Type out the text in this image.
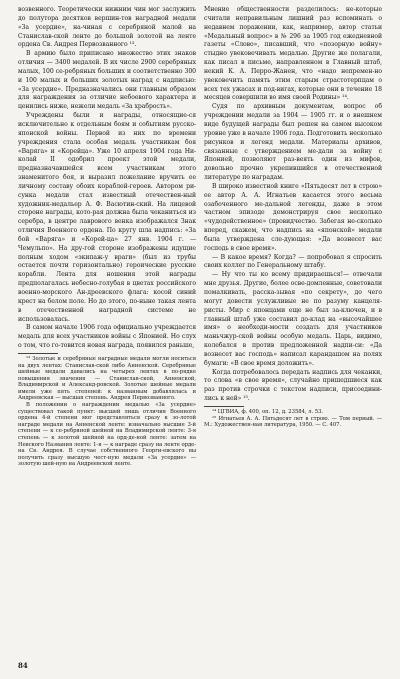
возвенного. Теоретически нижним чин мог заслужить до полутора десятков вершин-тов наградной медали «За усердие», на-чиная с серебряной малой на Станислав-ской ленте до большой золотой на ленте ордена Св. Андрея Первозванного ¹³.

В армию было приписано множество этих знаков отличия — 3400 медалей. В их числе 2900 серебряных малых, 100 се-ребряных больших и соответственно 300 и 100 малых и больших золотых наград с надписью: «За усердие». Предназначались они главным образом для награждения за отличие небоевого характера и ценились ниже, нежели медаль «За храбрость».

Учреждены были и награды, относящие-ся исключительно к отдельным боям и событиям русско-японской войны. Первой из них по времени учреждения стала особая медаль участникам боя «Варяга» и «Корейца». Уже 10 апреля 1904 года Ни-колай II одобрил проект этой медали, предназначавшейся всем участникам этого знаменитого боя, и выразил пожелание вручить ее личному составу обоих кораблей-героев. Автором ри-сунка медали стал известный отечествен-ный художник-медальер А. Ф. Васютин-ский. На лицевой стороне награды, кото-рая должна была чеканиться из серебра, в центре лаврового венка изображался Знак отличия Военного ордена. По кругу шла надпись: «За бой «Варяга» и «Корей-ца» 27 янв. 1904 г. — Чемульпо». На дру-гой стороне изображены идущие полным ходом «экипаж-у враги» (был из трубы остается почти горизонтально) героические русские корабли. Лента для ношения этой награды предполагалась небесно-голубая в цветах российского военно-морского Ан-дреевского флага: косой синий крест на белом поле. Но до этого, по-ныне такая лента в отечественной наградной системе не использовалась.

В самом начале 1906 года официально учреждается медаль для всех участников войны с Японией. Но слух о том, что го-товится новая награда, появился раньше,

¹³ Золотые и серебряные наградные медали могли носиться на двух лентах: Станислав-ской либо Анненской. Серебряные шейные медали давались на четырех лентах в по-рядке повышения значения — Станислав-ской, Анненской, Владимирской и Александ-ровской. Золотые шейные медали имели уже пять степеней: к названным добавлялась и Андреевская — высшая степень. Андрея Первозванного.

В положении о награждении медалью «За усердие» существовал такой пункт: высшей лишь отличия Военного ордена 4-й степени мог представляться сразу к зо-лотой награде медали на Анненской ленте: изначально высшие 3-й степени — к се-ребряной шейной на Владимирской ленте: 3-я степень — к золотой шейной на орд-де-ной ленте: затем на Невского Названия ленте: 1-я — к награде сразу на ленте орде-на Св. Андрея. В случае собственного Георги-евского вы получить сразу высшую чест-ную медали «За усердие» — золотую шей-ную на Андреевской ленте.

Мнение общественности разделилось: не-которые считали неправильным лишний раз вспоминать о недавнем поражении, как, например, автор статьи «Медальный вопрос» в № 296 за 1905 год ежедневной газеты «Слово», писавший, что «позорную войну» стыдно увековечивать медалью. Другие же полагали, как писал в письме, направленном в Главный штаб, некий К. А. Перро-Жанен, что «надо непремен-но увековечить память этим старым страстотерпцам о всех тех ужасах и под-вигах, которые они в течение 18 месяцев совершили во имя своей Родины» ¹⁴.

Судя по архивным документам, вопрос об учреждении медали за 1904 — 1905 гг. и о внешнем виде будущей награды был решен на самом высоком уровне уже в начале 1906 года. Подготовить несколько рисунков и легенд медали. Материалы архивов, связанные с утверждением ме-дали за войну с Японией, позволяют раз-веять один из мифов, довольно прочно укрепившийся в отечественной литературе по наградам.

В широко известной книге «Пятьдесят лет в строю» ее автор А. А. Игнатьев касается этого весьма озабоченного ме-дальной легенды, даже в этом частном эпизоде демонстрируя свое несколько «чудодейственное» (провидчество. Забегая не-сколько вперед, скажем, что надпись на «японской» медали была утверждена сле-дующая: «Да вознесет вас господь в свое время».

— В какое время? Когда? — попробовал я спросить своих коллег по Генеральному штабу.

— Ну что ты ко всему придираешься!— отвечали мне друзья. Другие, более осве-домленные, советовали помалкивать, расска-зывая «по секрету», до чего могут довести услужливые не по разуму канцеля-ристы. Мир с японцами еще не был за-ключен, и в главный штаб уже составил до-клад на «высочайшее имя» о необходи-мости создать для участников маньчжур-ской войны особую медаль. Царь, видимо, колебался в против предложенной надпи-си: «Да вознесет вас господь» написал карандашом на полях бумаги: «В свое время доложить».

Когда потребовалось передать надпись для чеканки, то слова «в свое время», случайно пришедшиеся как раз против строчки с текстом надписи, присоедини-лись к ней» ¹⁵.

¹⁴ ЦГВИА, ф. 400, оп. 12, д. 23584, л. 53.

¹⁵ Игнатьев А. А. Пятьдесят лет в строю. — Том первый. — М.: Художествен-ная литература, 1950. — С. 407.

84
